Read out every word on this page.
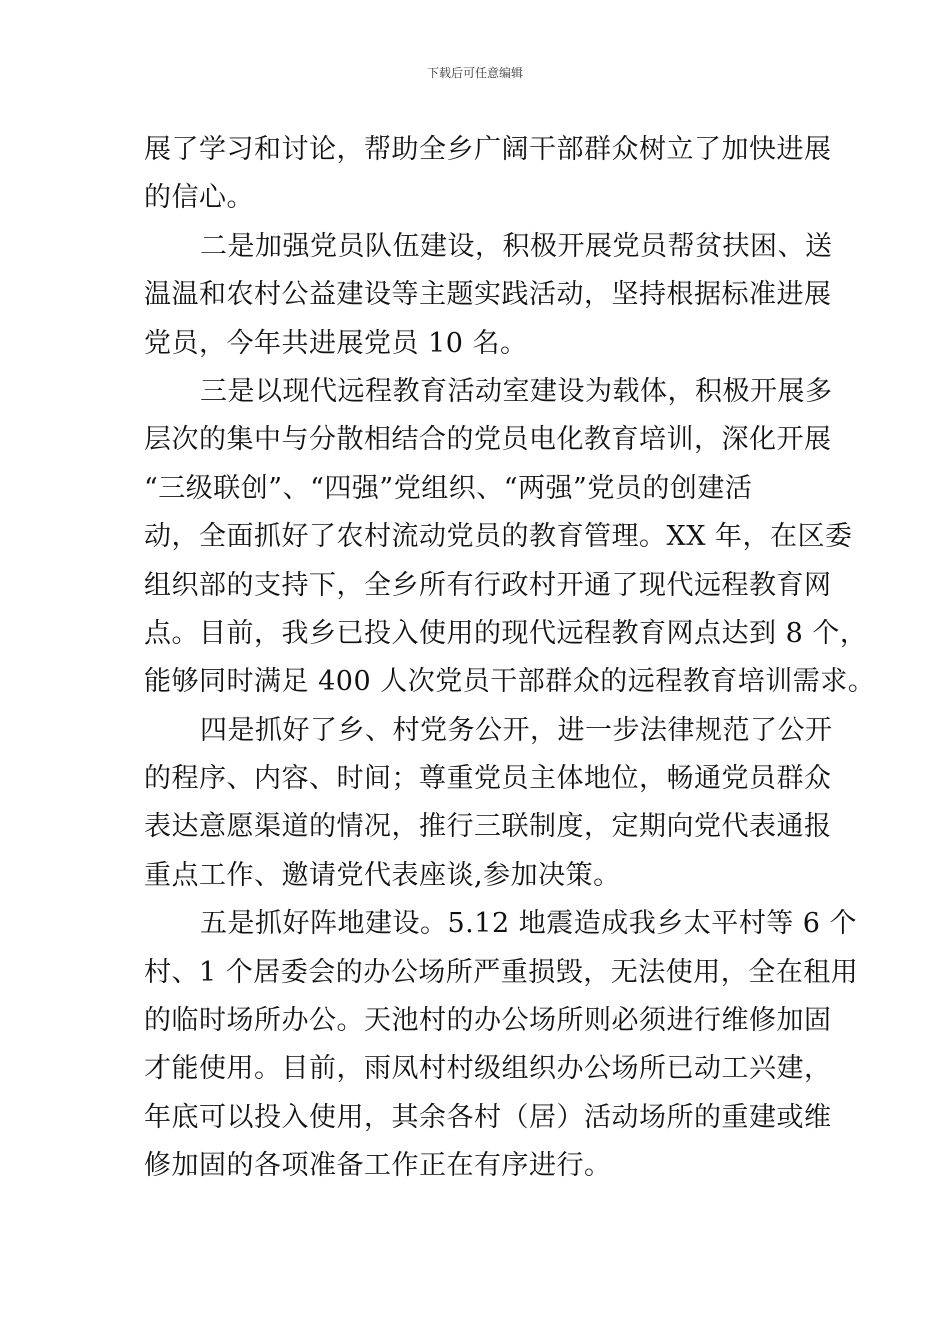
下载后可任意编辑
展了学习和讨论，帮助全乡广阔干部群众树立了加快进展
的信心。
二是加强党员队伍建设，积极开展党员帮贫扶困、送
温温和农村公益建设等主题实践活动，坚持根据标准进展
党员，今年共进展党员 10 名。
三是以现代远程教育活动室建设为载体，积极开展多
层次的集中与分散相结合的党员电化教育培训，深化开展
“三级联创”、“四强”党组织、“两强”党员的创建活
动，全面抓好了农村流动党员的教育管理。XX 年，在区委
组织部的支持下，全乡所有行政村开通了现代远程教育网
点。目前，我乡已投入使用的现代远程教育网点达到 8 个，
能够同时满足 400 人次党员干部群众的远程教育培训需求。
四是抓好了乡、村党务公开，进一步法律规范了公开
的程序、内容、时间；尊重党员主体地位，畅通党员群众
表达意愿渠道的情况，推行三联制度，定期向党代表通报
重点工作、邀请党代表座谈,参加决策。
五是抓好阵地建设。5.12 地震造成我乡太平村等 6 个
村、1 个居委会的办公场所严重损毁，无法使用，全在租用
的临时场所办公。天池村的办公场所则必须进行维修加固
才能使用。目前，雨凤村村级组织办公场所已动工兴建，
年底可以投入使用，其余各村（居）活动场所的重建或维
修加固的各项准备工作正在有序进行。
